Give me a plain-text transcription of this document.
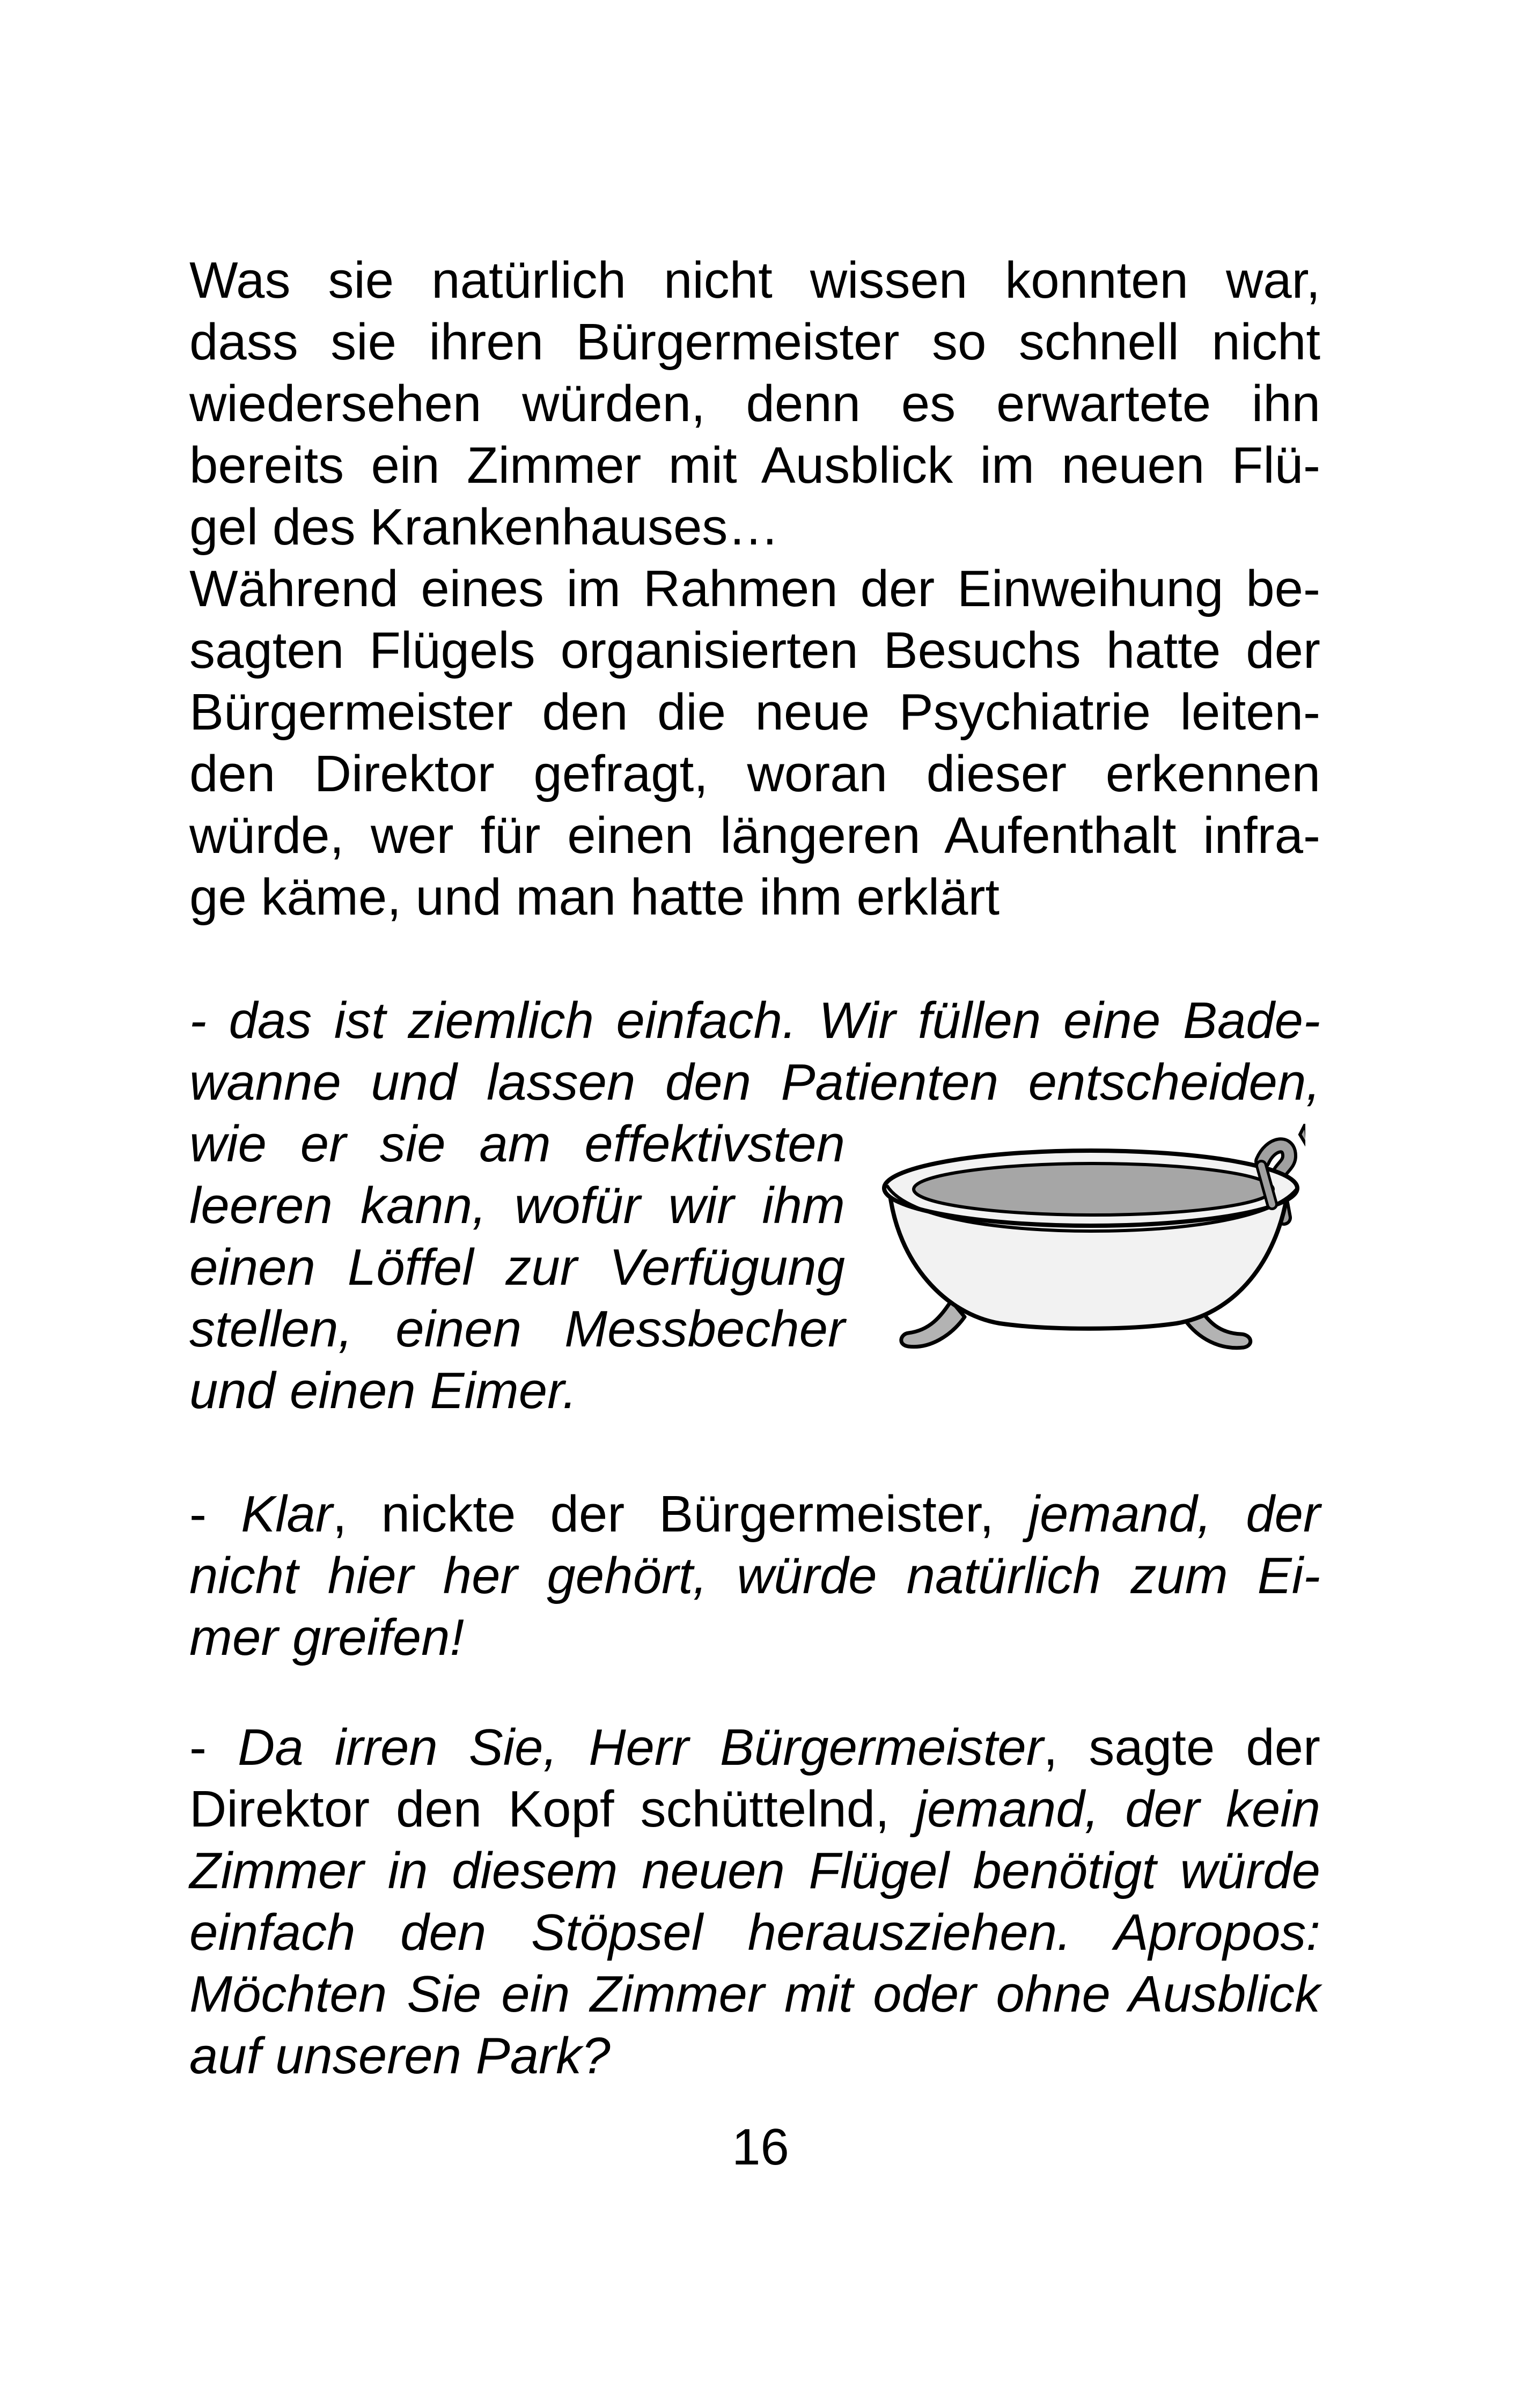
Was sie natürlich nicht wissen konnten war,
dass sie ihren Bürgermeister so schnell nicht
wiedersehen würden, denn es erwartete ihn
bereits ein Zimmer mit Ausblick im neuen Flü-
gel des Krankenhauses…
Während eines im Rahmen der Einweihung be-
sagten Flügels organisierten Besuchs hatte der
Bürgermeister den die neue Psychiatrie leiten-
den Direktor gefragt, woran dieser erkennen
würde, wer für einen längeren Aufenthalt infra-
ge käme, und man hatte ihm erklärt
- das ist ziemlich einfach. Wir füllen eine Bade-
wanne und lassen den Patienten entscheiden,
wie er sie am effektivsten
leeren kann, wofür wir ihm
einen Löffel zur Verfügung
stellen, einen Messbecher
und einen Eimer.
- Klar, nickte der Bürgermeister, jemand, der
nicht hier her gehört, würde natürlich zum Ei-
mer greifen!
- Da irren Sie, Herr Bürgermeister, sagte der
Direktor den Kopf schüttelnd, jemand, der kein
Zimmer in diesem neuen Flügel benötigt würde
einfach den Stöpsel herausziehen. Apropos:
Möchten Sie ein Zimmer mit oder ohne Ausblick
auf unseren Park?
16
